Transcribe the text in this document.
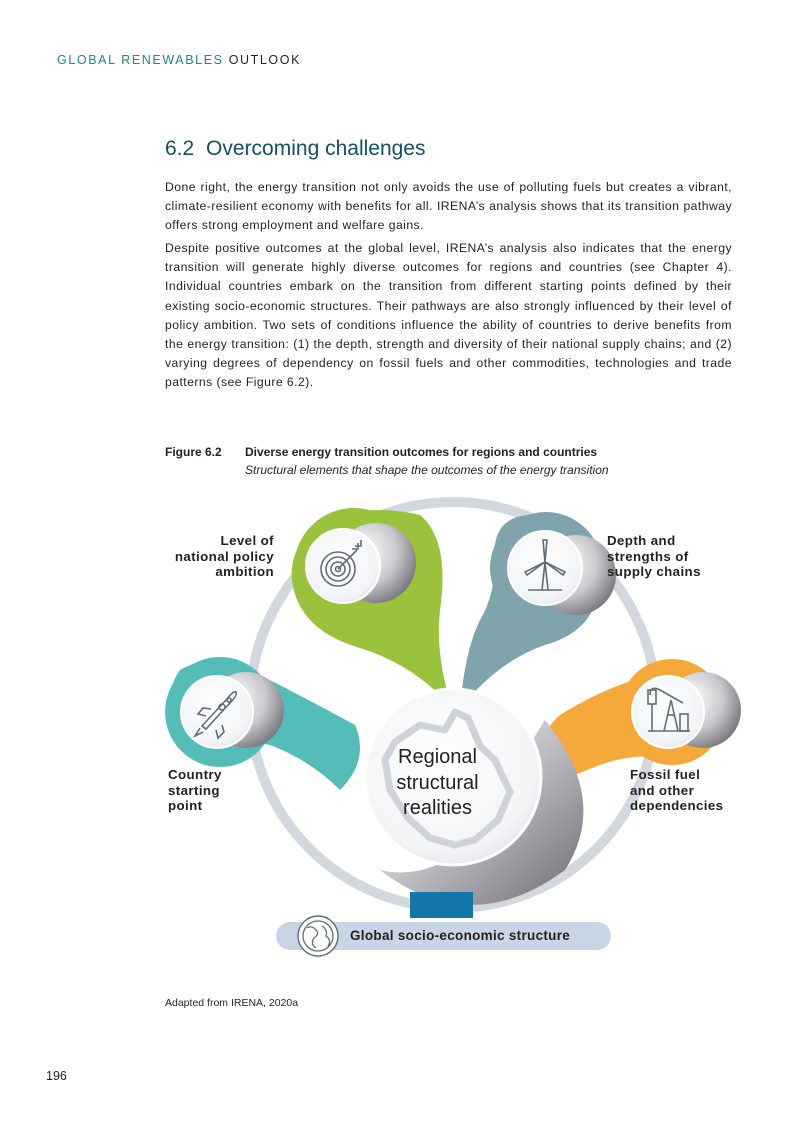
GLOBAL RENEWABLES OUTLOOK
6.2 Overcoming challenges

Done right, the energy transition not only avoids the use of polluting fuels but creates a vibrant, climate-resilient economy with benefits for all. IRENA’s analysis shows that its transition pathway offers strong employment and welfare gains.

Despite positive outcomes at the global level, IRENA’s analysis also indicates that the energy transition will generate highly diverse outcomes for regions and countries (see Chapter 4). Individual countries embark on the transition from different starting points defined by their existing socio-economic structures. Their pathways are also strongly influenced by their level of policy ambition. Two sets of conditions influence the ability of countries to derive benefits from the energy transition: (1) the depth, strength and diversity of their national supply chains; and (2) varying degrees of dependency on fossil fuels and other commodities, technologies and trade patterns (see Figure 6.2).

Figure 6.2 Diverse energy transition outcomes for regions and countries
Structural elements that shape the outcomes of the energy transition
Level of
national policy
ambition
Depth and
strengths of
supply chains
Country
starting
point
Fossil fuel
and other
dependencies
Regional
structural
realities
Global socio-economic structure
Adapted from IRENA, 2020a
196
